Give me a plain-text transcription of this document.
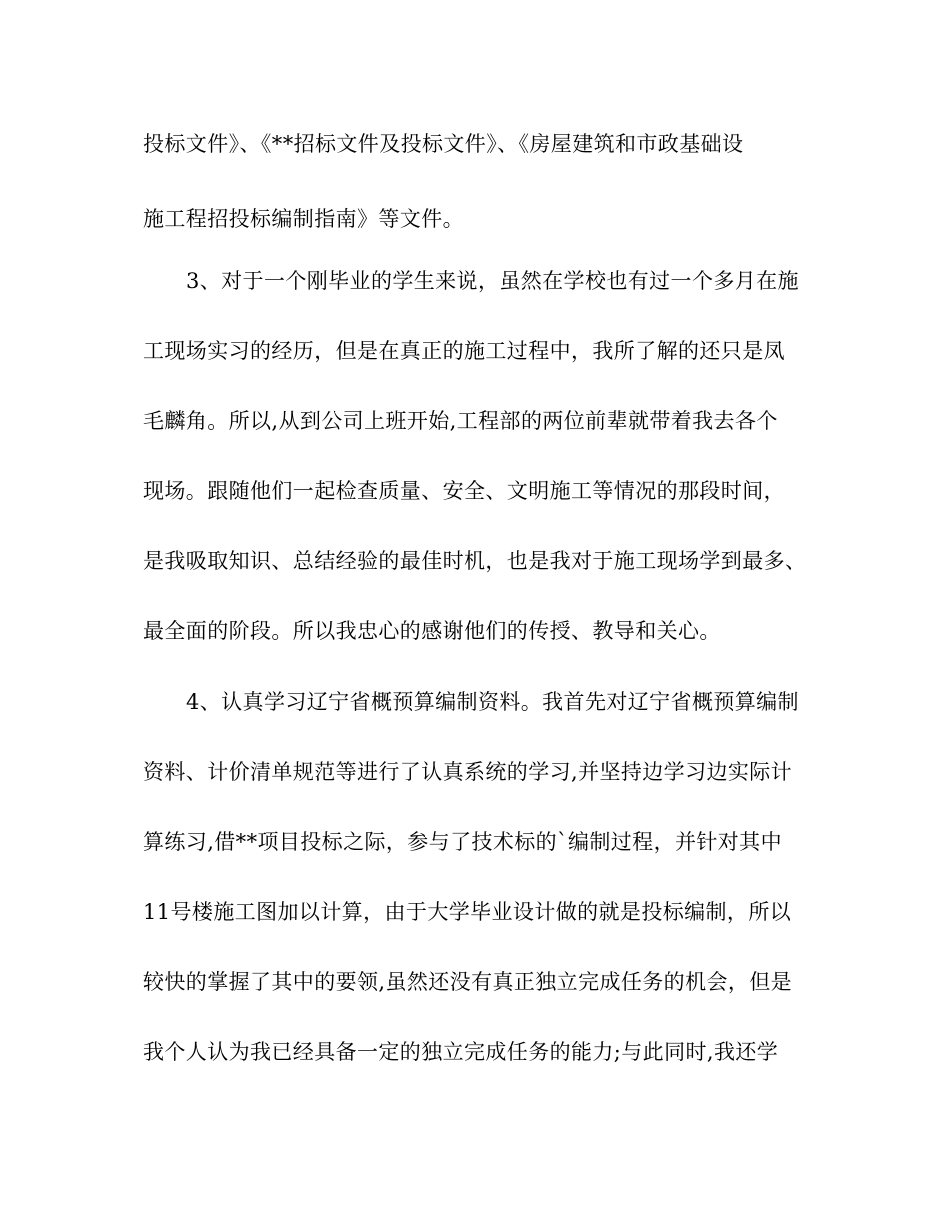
投标文件》、《**招标文件及投标文件》、《房屋建筑和市政基础设
施工程招投标编制指南》等文件。
3、对于一个刚毕业的学生来说，虽然在学校也有过一个多月在施
工现场实习的经历，但是在真正的施工过程中，我所了解的还只是凤
毛麟角。所以,从到公司上班开始,工程部的两位前辈就带着我去各个
现场。跟随他们一起检查质量、安全、文明施工等情况的那段时间，
是我吸取知识、总结经验的最佳时机，也是我对于施工现场学到最多、
最全面的阶段。所以我忠心的感谢他们的传授、教导和关心。
4、认真学习辽宁省概预算编制资料。我首先对辽宁省概预算编制
资料、计价清单规范等进行了认真系统的学习,并坚持边学习边实际计
算练习,借**项目投标之际，参与了技术标的`编制过程，并针对其中
11号楼施工图加以计算，由于大学毕业设计做的就是投标编制，所以
较快的掌握了其中的要领,虽然还没有真正独立完成任务的机会，但是
我个人认为我已经具备一定的独立完成任务的能力;与此同时,我还学
